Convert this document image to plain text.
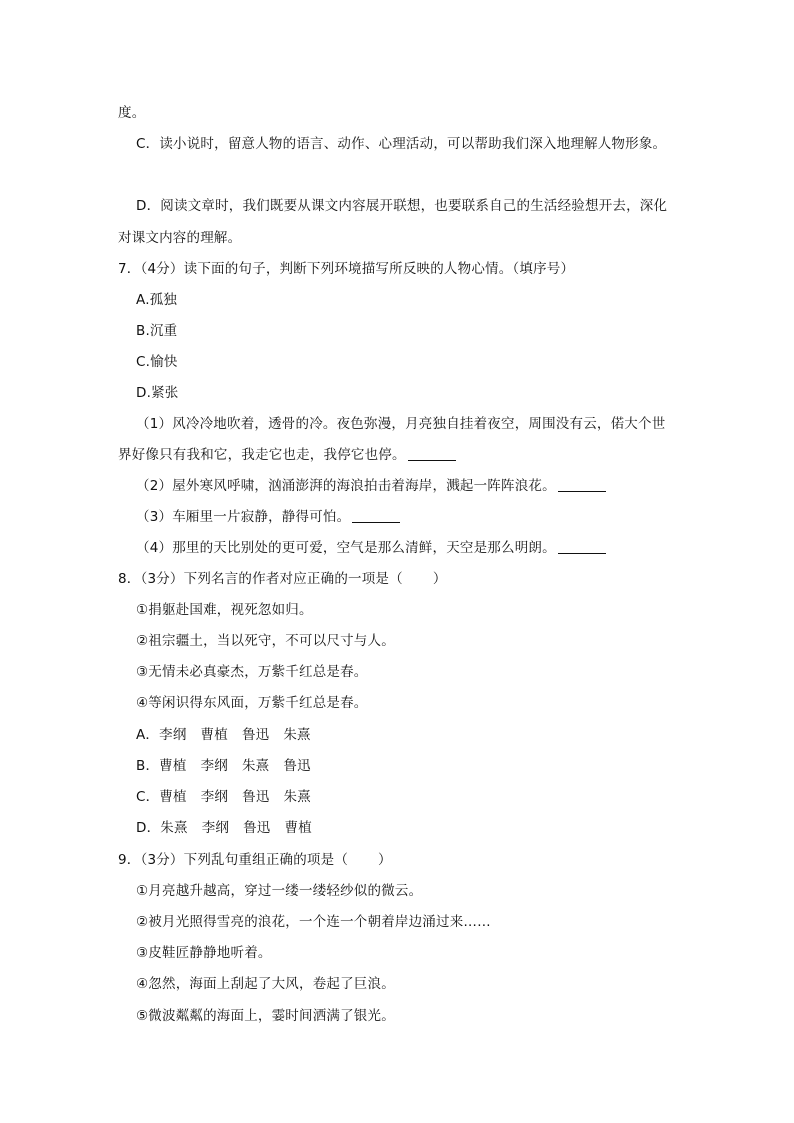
度。
C．读小说时，留意人物的语言、动作、心理活动，可以帮助我们深入地理解人物形象。
D．阅读文章时，我们既要从课文内容展开联想，也要联系自己的生活经验想开去，深化
对课文内容的理解。
7．（4分）读下面的句子，判断下列环境描写所反映的人物心情。（填序号）
A.孤独
B.沉重
C.愉快
D.紧张
（1）风冷冷地吹着，透骨的冷。夜色弥漫，月亮独自挂着夜空，周围没有云，偌大个世
界好像只有我和它，我走它也走，我停它也停。
（2）屋外寒风呼啸，汹涌澎湃的海浪拍击着海岸，溅起一阵阵浪花。
（3）车厢里一片寂静，静得可怕。
（4）那里的天比别处的更可爱，空气是那么清鲜，天空是那么明朗。
8．（3分）下列名言的作者对应正确的一项是（ ）
①捐躯赴国难，视死忽如归。
②祖宗疆土，当以死守，不可以尺寸与人。
③无情未必真豪杰，万紫千红总是春。
④等闲识得东风面，万紫千红总是春。
A．李纲 曹植 鲁迅 朱熹
B．曹植 李纲 朱熹 鲁迅
C．曹植 李纲 鲁迅 朱熹
D．朱熹 李纲 鲁迅 曹植
9．（3分）下列乱句重组正确的项是（ ）
①月亮越升越高，穿过一缕一缕轻纱似的微云。
②被月光照得雪亮的浪花，一个连一个朝着岸边涌过来……
③皮鞋匠静静地听着。
④忽然，海面上刮起了大风，卷起了巨浪。
⑤微波粼粼的海面上，霎时间洒满了银光。
